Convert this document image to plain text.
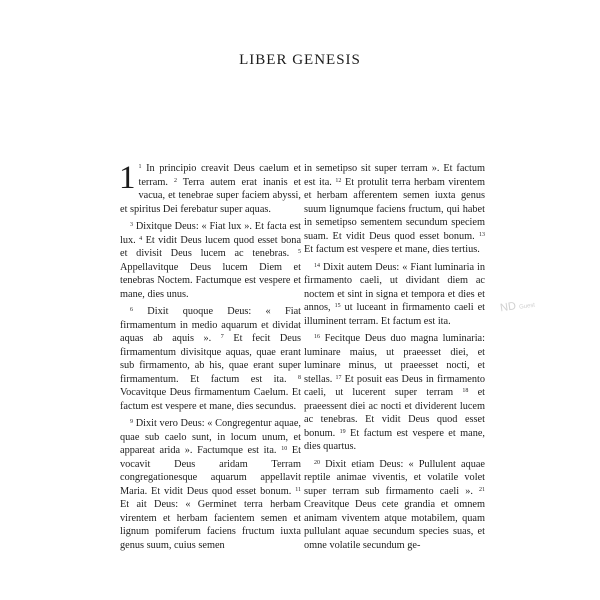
LIBER GENESIS

1 $^1$ In principio creavit Deus caelum et terram. $^2$ Terra autem erat inanis et vacua, et tenebrae super faciem abyssi, et spiritus Dei ferebatur super aquas.

$^3$ Dixitque Deus: « Fiat lux ». Et facta est lux. $^4$ Et vidit Deus lucem quod esset bona et divisit Deus lucem ac tenebras. $^5$ Appellavitque Deus lucem Diem et tenebras Noctem. Factumque est vespere et mane, dies unus.

$^6$ Dixit quoque Deus: « Fiat firmamentum in medio aquarum et dividat aquas ab aquis ». $^7$ Et fecit Deus firmamentum divisitque aquas, quae erant sub firmamento, ab his, quae erant super firmamentum. Et factum est ita. $^8$ Vocavitque Deus firmamentum Caelum. Et factum est vespere et mane, dies secundus.

$^9$ Dixit vero Deus: « Congregentur aquae, quae sub caelo sunt, in locum unum, et appareat arida ». Factumque est ita. $^{10}$ Et vocavit Deus aridam Terram congregationesque aquarum appellavit Maria. Et vidit Deus quod esset bonum. $^{11}$ Et ait Deus: « Germinet terra herbam virentem et herbam facientem semen et lignum pomiferum faciens fructum iuxta genus suum, cuius semen

in semetipso sit super terram ». Et factum est ita. $^{12}$ Et protulit terra herbam virentem et herbam afferentem semen iuxta genus suum lignumque faciens fructum, qui habet in semetipso sementem secundum speciem suam. Et vidit Deus quod esset bonum. $^{13}$ Et factum est vespere et mane, dies tertius.

$^{14}$ Dixit autem Deus: « Fiant luminaria in firmamento caeli, ut dividant diem ac noctem et sint in signa et tempora et dies et annos, $^{15}$ ut luceant in firmamento caeli et illuminent terram. Et factum est ita.

$^{16}$ Fecitque Deus duo magna luminaria: luminare maius, ut praeesset diei, et luminare minus, ut praeesset nocti, et stellas. $^{17}$ Et posuit eas Deus in firmamento caeli, ut lucerent super terram $^{18}$ et praeessent diei ac nocti et dividerent lucem ac tenebras. Et vidit Deus quod esset bonum. $^{19}$ Et factum est vespere et mane, dies quartus.

$^{20}$ Dixit etiam Deus: « Pullulent aquae reptile animae viventis, et volatile volet super terram sub firmamento caeli ». $^{21}$ Creavitque Deus cete grandia et omnem animam viventem atque motabilem, quam pullulant aquae secundum species suas, et omne volatile secundum ge-

ND Guest
